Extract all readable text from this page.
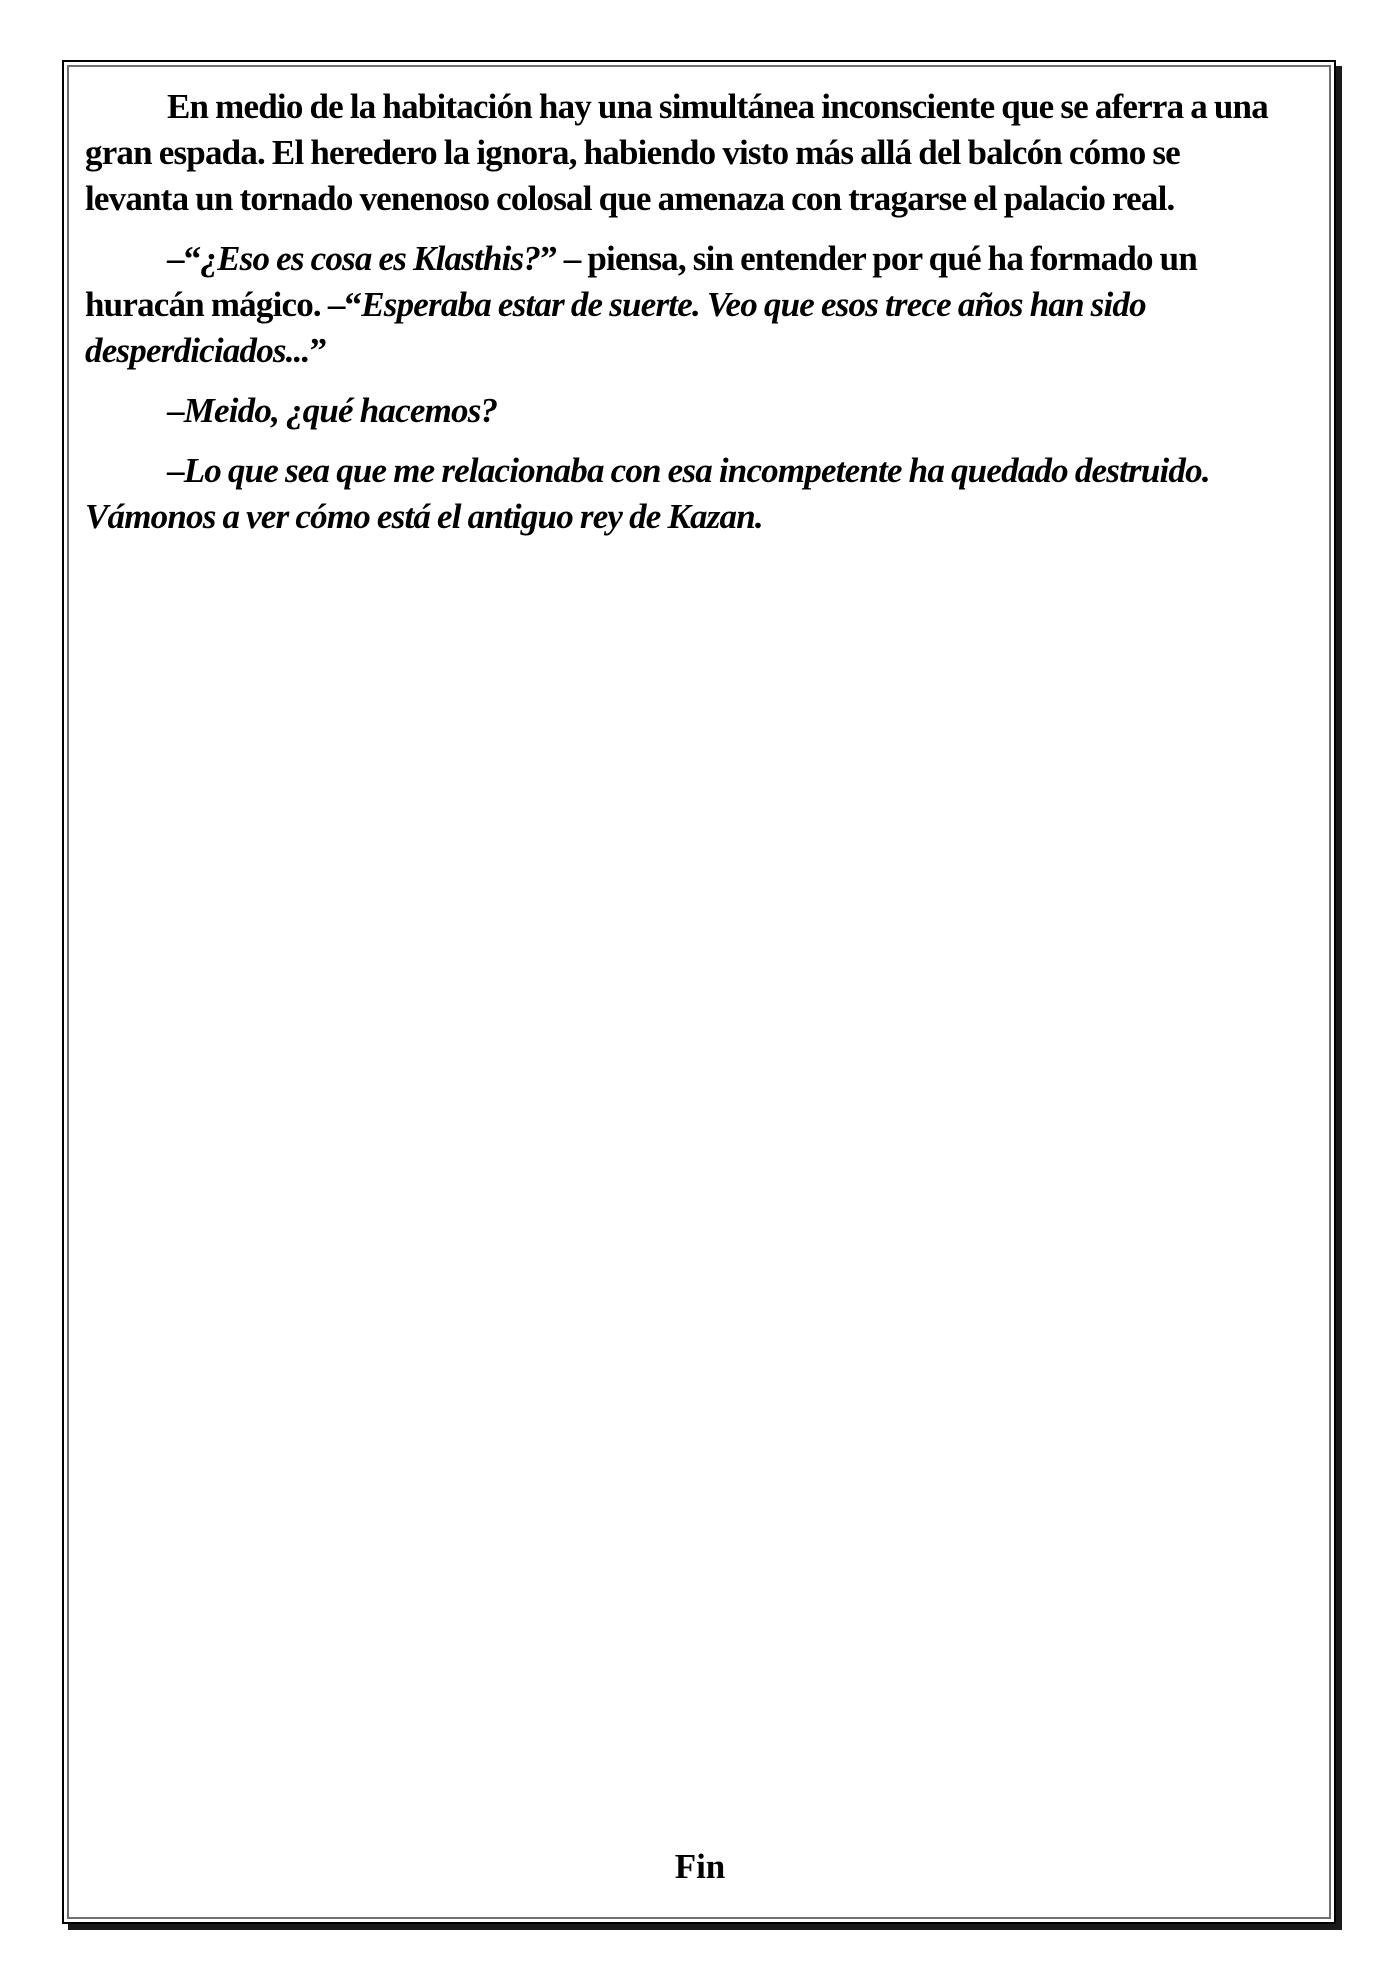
En medio de la habitación hay una simultánea inconsciente que se aferra a una gran espada. El heredero la ignora, habiendo visto más allá del balcón cómo se levanta un tornado venenoso colosal que amenaza con tragarse el palacio real.

–“¿Eso es cosa es Klasthis?” – piensa, sin entender por qué ha formado un huracán mágico. –“Esperaba estar de suerte. Veo que esos trece años han sido desperdiciados...”

–Meido, ¿qué hacemos?

–Lo que sea que me relacionaba con esa incompetente ha quedado destruido. Vámonos a ver cómo está el antiguo rey de Kazan.

Fin
